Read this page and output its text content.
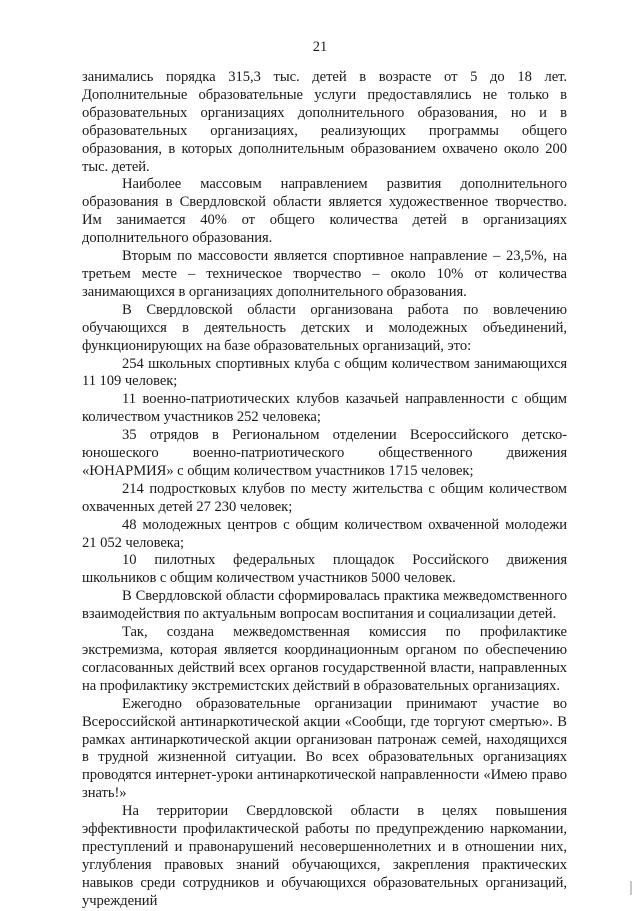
21

занимались порядка 315,3 тыс. детей в возрасте от 5 до 18 лет. Дополнительные образовательные услуги предоставлялись не только в образовательных организациях дополнительного образования, но и в образовательных организациях, реализующих программы общего образования, в которых дополнительным образованием охвачено около 200 тыс. детей.

Наиболее массовым направлением развития дополнительного образования в Свердловской области является художественное творчество. Им занимается 40% от общего количества детей в организациях дополнительного образования.

Вторым по массовости является спортивное направление – 23,5%, на третьем месте – техническое творчество – около 10% от количества занимающихся в организациях дополнительного образования.

В Свердловской области организована работа по вовлечению обучающихся в деятельность детских и молодежных объединений, функционирующих на базе образовательных организаций, это:

254 школьных спортивных клуба с общим количеством занимающихся 11 109 человек;

11 военно-патриотических клубов казачьей направленности с общим количеством участников 252 человека;

35 отрядов в Региональном отделении Всероссийского детско-юношеского военно-патриотического общественного движения «ЮНАРМИЯ» с общим количеством участников 1715 человек;

214 подростковых клубов по месту жительства с общим количеством охваченных детей 27 230 человек;

48 молодежных центров с общим количеством охваченной молодежи 21 052 человека;

10 пилотных федеральных площадок Российского движения школьников с общим количеством участников 5000 человек.

В Свердловской области сформировалась практика межведомственного взаимодействия по актуальным вопросам воспитания и социализации детей.

Так, создана межведомственная комиссия по профилактике экстремизма, которая является координационным органом по обеспечению согласованных действий всех органов государственной власти, направленных на профилактику экстремистских действий в образовательных организациях.

Ежегодно образовательные организации принимают участие во Всероссийской антинаркотической акции «Сообщи, где торгуют смертью». В рамках антинаркотической акции организован патронаж семей, находящихся в трудной жизненной ситуации. Во всех образовательных организациях проводятся интернет-уроки антинаркотической направленности «Имею право знать!»

На территории Свердловской области в целях повышения эффективности профилактической работы по предупреждению наркомании, преступлений и правонарушений несовершеннолетних и в отношении них, углубления правовых знаний обучающихся, закрепления практических навыков среди сотрудников и обучающихся образовательных организаций, учреждений
